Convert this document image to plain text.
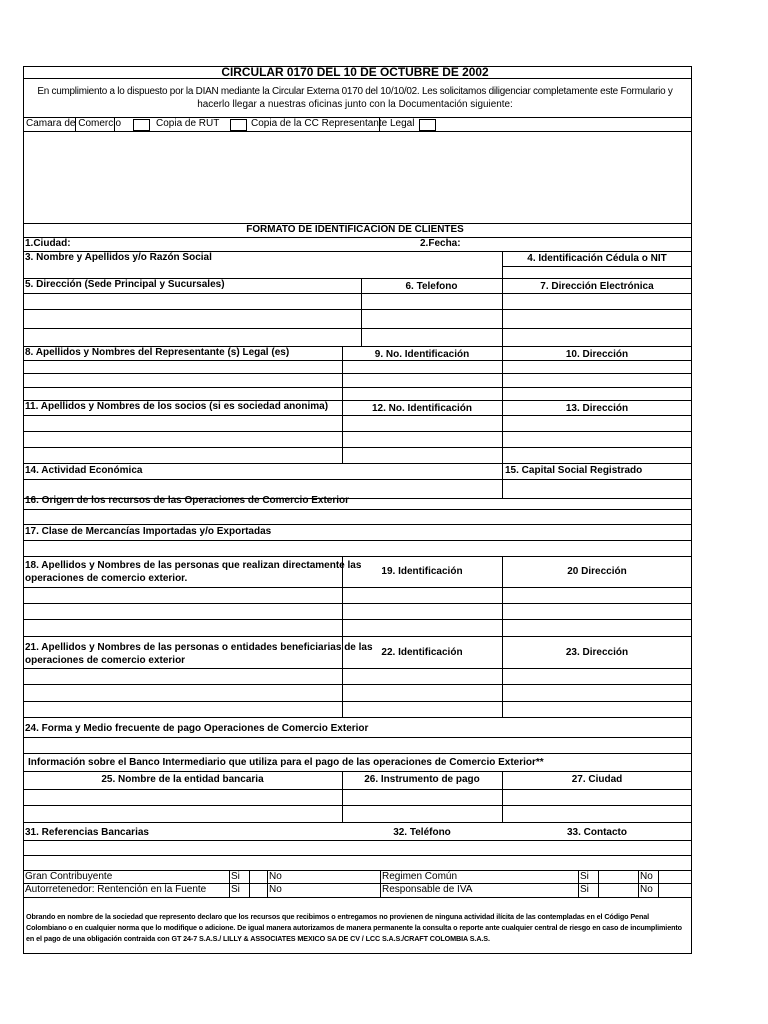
CIRCULAR 0170 DEL 10 DE OCTUBRE DE 2002
En cumplimiento a lo dispuesto por la DIAN mediante la Circular Externa 0170 del 10/10/02. Les solicitamos diligenciar completamente este Formulario y
hacerlo llegar a nuestras oficinas junto con la Documentación siguiente:
Camara de Comercio	Copia de RUT	Copia de la CC Representante Legal
FORMATO DE IDENTIFICACION DE CLIENTES
1.Ciudad:	2.Fecha:
3. Nombre y Apellidos y/o Razón Social	4. Identificación Cédula o NIT
5. Dirección (Sede Principal y Sucursales)	6. Telefono	7. Dirección Electrónica
8. Apellidos y Nombres del Representante (s) Legal (es)	9. No. Identificación	10. Dirección
11. Apellidos y Nombres de los socios (si es sociedad anonima)	12. No. Identificación	13. Dirección
14. Actividad Económica	15. Capital Social Registrado
16. Origen de los recursos de las Operaciones de Comercio Exterior
17. Clase de Mercancías Importadas y/o Exportadas
18. Apellidos y Nombres de las personas que realizan directamente las
operaciones de comercio exterior.
19. Identificación	20 Dirección
21. Apellidos y Nombres de las personas o entidades beneficiarias de las
operaciones de comercio exterior
22. Identificación	23. Dirección
24. Forma y Medio frecuente de pago Operaciones de Comercio Exterior
Información sobre el Banco Intermediario que utiliza para el pago de las operaciones de Comercio Exterior**
25. Nombre de la entidad bancaria	26. Instrumento de pago	27. Ciudad
31. Referencias Bancarias	32. Teléfono	33. Contacto
Gran Contribuyente	Si	No	Regimen Común	Si	No
Autorretenedor: Rentención en la Fuente Si	No	Responsable de IVA	Si	No
Obrando en nombre de la sociedad que represento declaro que los recursos que recibimos o entregamos no provienen de ninguna actividad ilícita de las contempladas en el Código Penal
Colombiano o en cualquier norma que lo modifique o adicione. De igual manera autorizamos de manera permanente la consulta o reporte ante cualquier central de riesgo en caso de incumplimiento
en el pago de una obligación contraida con GT 24-7 S.A.S./ LILLY & ASSOCIATES MEXICO SA DE CV / LCC S.A.S./CRAFT COLOMBIA S.A.S.
